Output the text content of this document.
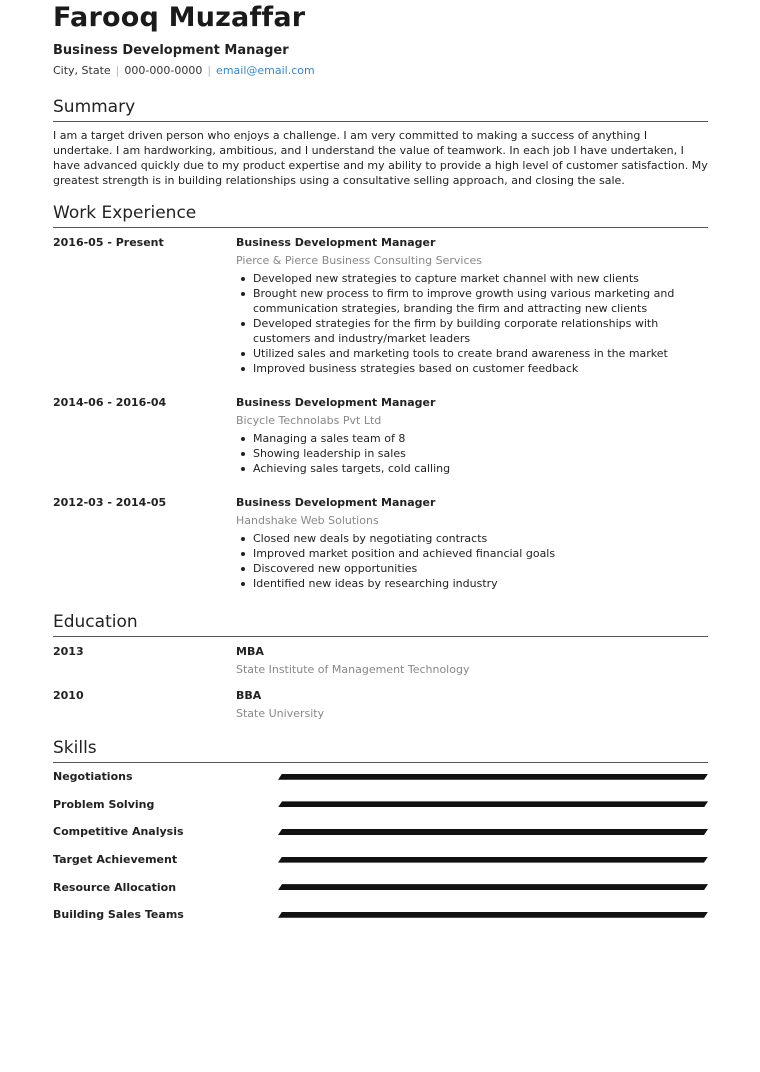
Farooq Muzaffar
Business Development Manager
City, State | 000-000-0000 | email@email.com
Summary
I am a target driven person who enjoys a challenge. I am very committed to making a success of anything I undertake. I am hardworking, ambitious, and I understand the value of teamwork. In each job I have undertaken, I have advanced quickly due to my product expertise and my ability to provide a high level of customer satisfaction. My greatest strength is in building relationships using a consultative selling approach, and closing the sale.
Work Experience
2016-05 - Present	Business Development Manager
Pierce & Pierce Business Consulting Services
Developed new strategies to capture market channel with new clients
Brought new process to firm to improve growth using various marketing and communication strategies, branding the firm and attracting new clients
Developed strategies for the firm by building corporate relationships with customers and industry/market leaders
Utilized sales and marketing tools to create brand awareness in the market
Improved business strategies based on customer feedback
2014-06 - 2016-04	Business Development Manager
Bicycle Technolabs Pvt Ltd
Managing a sales team of 8
Showing leadership in sales
Achieving sales targets, cold calling
2012-03 - 2014-05	Business Development Manager
Handshake Web Solutions
Closed new deals by negotiating contracts
Improved market position and achieved financial goals
Discovered new opportunities
Identified new ideas by researching industry
Education
2013	MBA
State Institute of Management Technology
2010	BBA
State University
Skills
Negotiations
Problem Solving
Competitive Analysis
Target Achievement
Resource Allocation
Building Sales Teams
